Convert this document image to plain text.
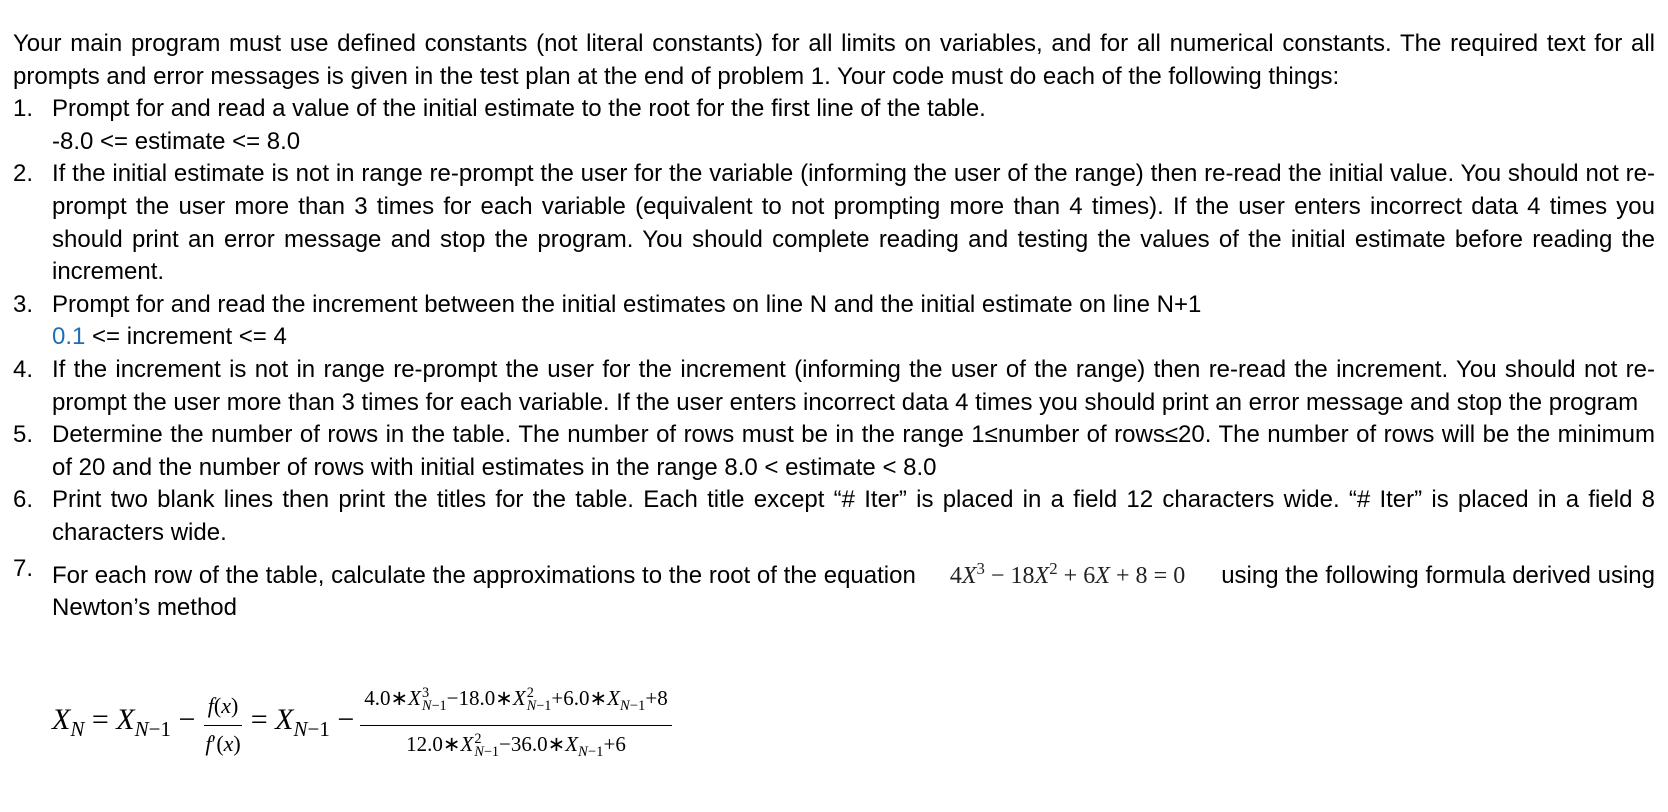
Your main program must use defined constants (not literal constants) for all limits on variables, and for all numerical constants. The required text for all prompts and error messages is given in the test plan at the end of problem 1. Your code must do each of the following things:

1. Prompt for and read a value of the initial estimate to the root for the first line of the table.
-8.0 <= estimate <= 8.0
2. If the initial estimate is not in range re-prompt the user for the variable (informing the user of the range) then re-read the initial value. You should not re-prompt the user more than 3 times for each variable (equivalent to not prompting more than 4 times). If the user enters incorrect data 4 times you should print an error message and stop the program. You should complete reading and testing the values of the initial estimate before reading the increment.
3. Prompt for and read the increment between the initial estimates on line N and the initial estimate on line N+1
0.1 <= increment <= 4
4. If the increment is not in range re-prompt the user for the increment (informing the user of the range) then re-read the increment. You should not re-prompt the user more than 3 times for each variable. If the user enters incorrect data 4 times you should print an error message and stop the program
5. Determine the number of rows in the table. The number of rows must be in the range 1≤number of rows≤20. The number of rows will be the minimum of 20 and the number of rows with initial estimates in the range 8.0 < estimate < 8.0
6. Print two blank lines then print the titles for the table. Each title except “# Iter” is placed in a field 12 characters wide. “# Iter” is placed in a field 8 characters wide.
7. For each row of the table, calculate the approximations to the root of the equation $4X^3 - 18X^2 + 6X + 8 = 0$ using the following formula derived using Newton’s method
$X_N = X_{N-1} - \frac{f(x)}{f'(x)} = X_{N-1}$ − 4.0∗X 3
N−1 −18.0∗X 2
$N-1 +6.0∗X_{N-1}+8$
12.0∗X 2
$N-1 -36.0∗X_{N-1}+6$
